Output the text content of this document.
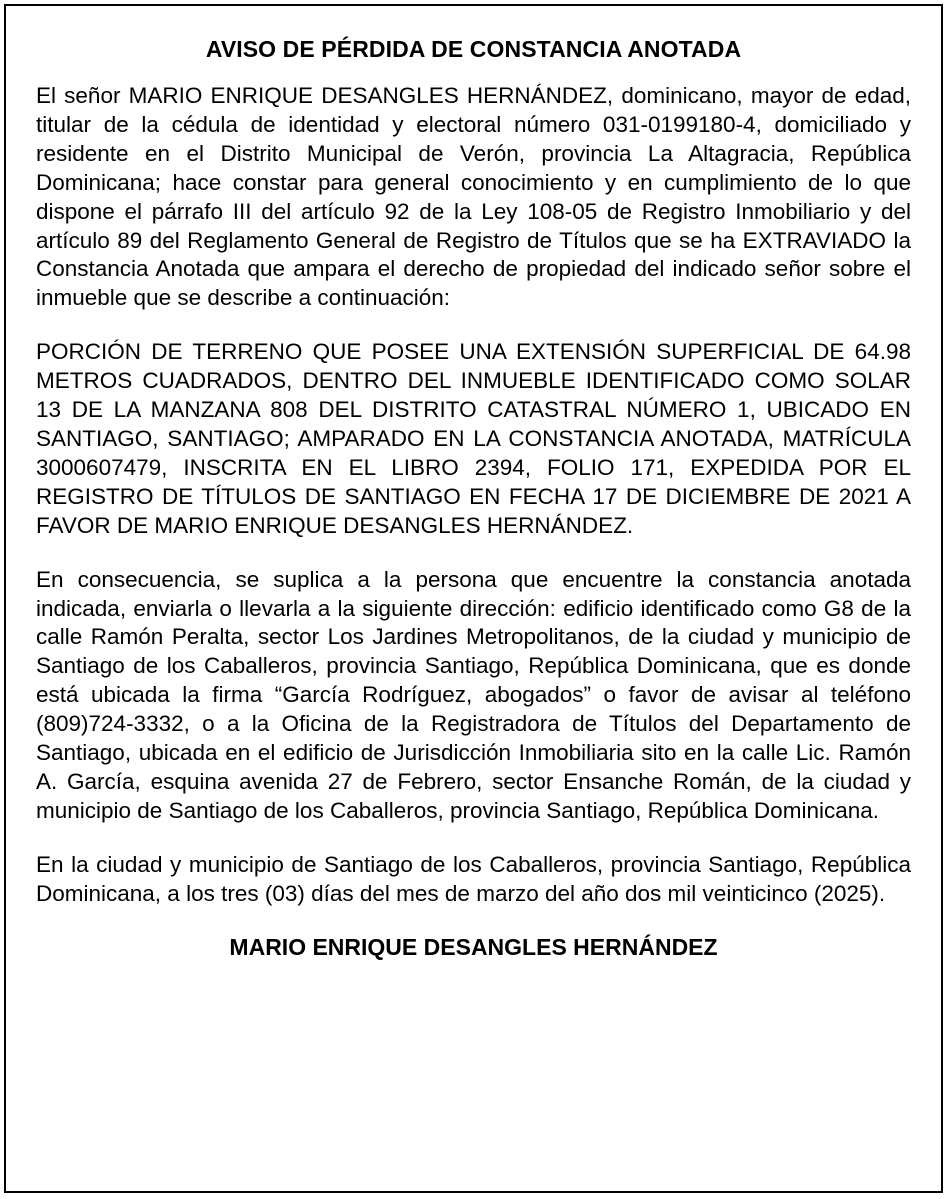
AVISO DE PÉRDIDA DE CONSTANCIA ANOTADA

El señor MARIO ENRIQUE DESANGLES HERNÁNDEZ, dominicano, mayor de edad, titular de la cédula de identidad y electoral número 031-0199180-4, domiciliado y residente en el Distrito Municipal de Verón, provincia La Altagracia, República Dominicana; hace constar para general conocimiento y en cumplimiento de lo que dispone el párrafo III del artículo 92 de la Ley 108-05 de Registro Inmobiliario y del artículo 89 del Reglamento General de Registro de Títulos que se ha EXTRAVIADO la Constancia Anotada que ampara el derecho de propiedad del indicado señor sobre el inmueble que se describe a continuación:

PORCIÓN DE TERRENO QUE POSEE UNA EXTENSIÓN SUPERFICIAL DE 64.98 METROS CUADRADOS, DENTRO DEL INMUEBLE IDENTIFICADO COMO SOLAR 13 DE LA MANZANA 808 DEL DISTRITO CATASTRAL NÚMERO 1, UBICADO EN SANTIAGO, SANTIAGO; AMPARADO EN LA CONSTANCIA ANOTADA, MATRÍCULA 3000607479, INSCRITA EN EL LIBRO 2394, FOLIO 171, EXPEDIDA POR EL REGISTRO DE TÍTULOS DE SANTIAGO EN FECHA 17 DE DICIEMBRE DE 2021 A FAVOR DE MARIO ENRIQUE DESANGLES HERNÁNDEZ.

En consecuencia, se suplica a la persona que encuentre la constancia anotada indicada, enviarla o llevarla a la siguiente dirección: edificio identificado como G8 de la calle Ramón Peralta, sector Los Jardines Metropolitanos, de la ciudad y municipio de Santiago de los Caballeros, provincia Santiago, República Dominicana, que es donde está ubicada la firma “García Rodríguez, abogados” o favor de avisar al teléfono (809)724-3332, o a la Oficina de la Registradora de Títulos del Departamento de Santiago, ubicada en el edificio de Jurisdicción Inmobiliaria sito en la calle Lic. Ramón A. García, esquina avenida 27 de Febrero, sector Ensanche Román, de la ciudad y municipio de Santiago de los Caballeros, provincia Santiago, República Dominicana.

En la ciudad y municipio de Santiago de los Caballeros, provincia Santiago, República Dominicana, a los tres (03) días del mes de marzo del año dos mil veinticinco (2025).

MARIO ENRIQUE DESANGLES HERNÁNDEZ
